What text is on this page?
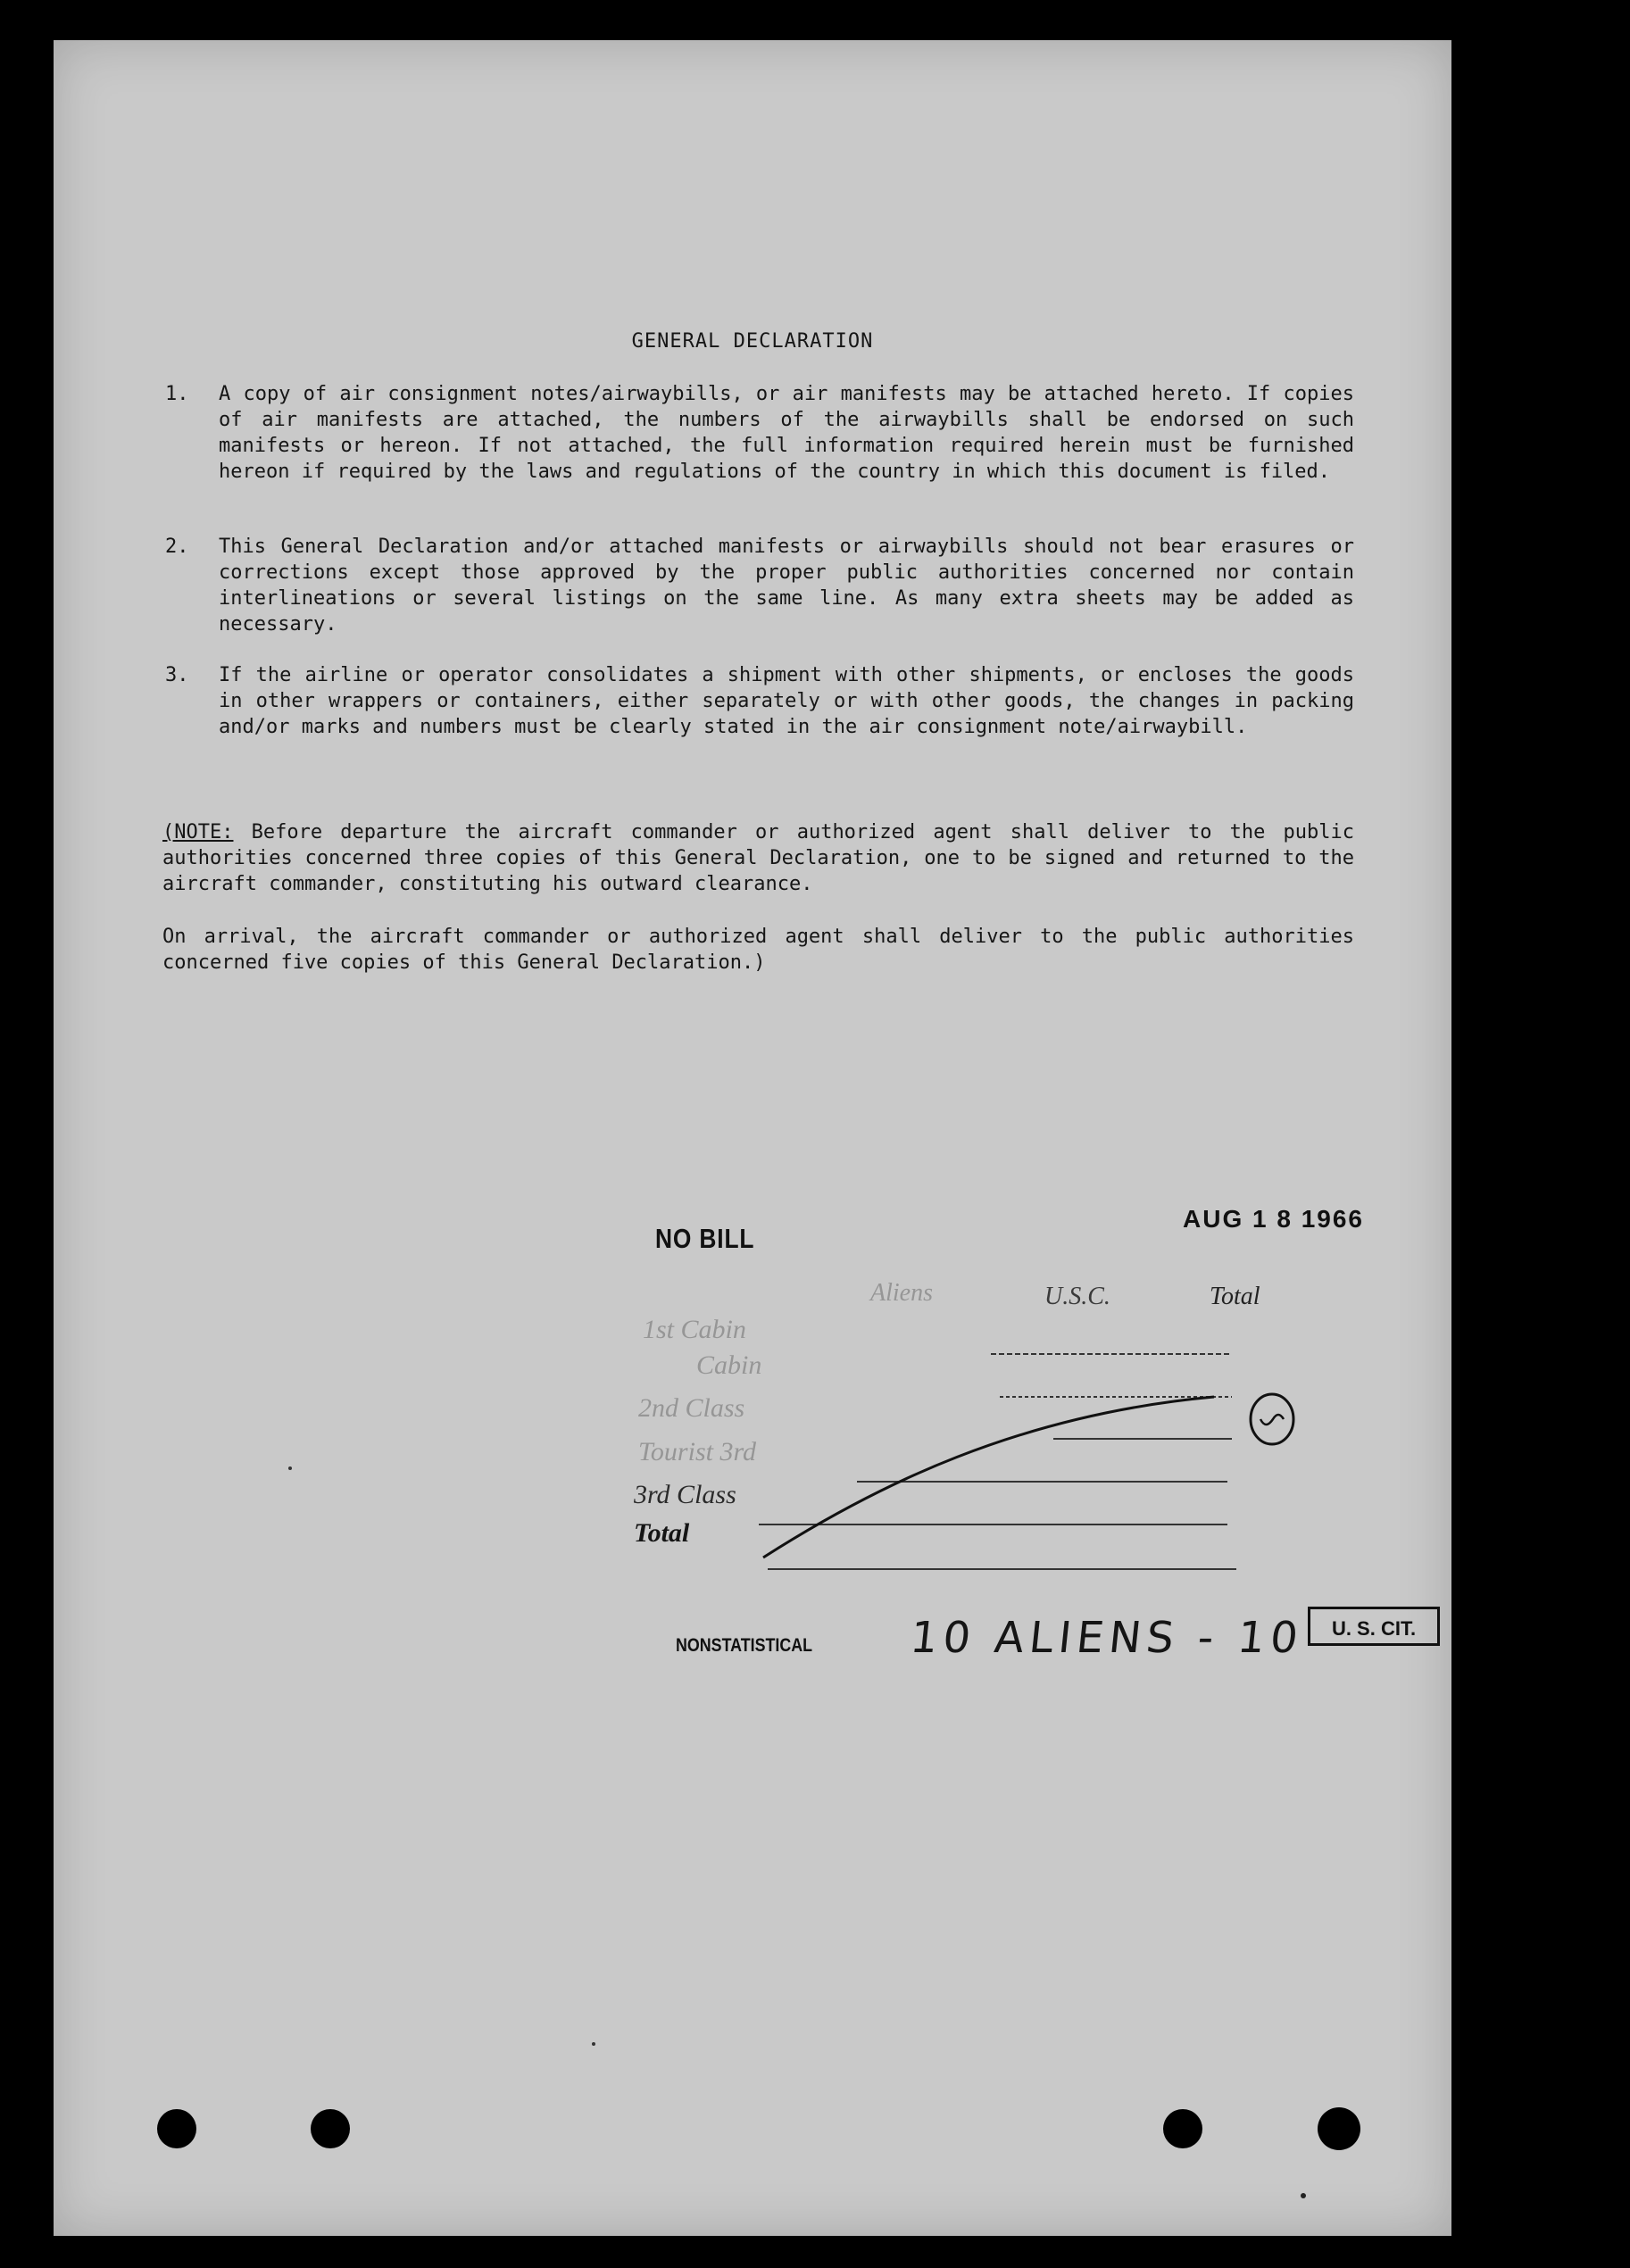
GENERAL DECLARATION
1. A copy of air consignment notes/airwaybills, or air manifests may be attached hereto. If copies of air manifests are attached, the numbers of the airwaybills shall be endorsed on such manifests or hereon. If not attached, the full information required herein must be furnished hereon if required by the laws and regulations of the country in which this document is filed.
2. This General Declaration and/or attached manifests or airwaybills should not bear erasures or corrections except those approved by the proper public authorities concerned nor contain interlineations or several listings on the same line. As many extra sheets may be added as necessary.
3. If the airline or operator consolidates a shipment with other shipments, or encloses the goods in other wrappers or containers, either separately or with other goods, the changes in packing and/or marks and numbers must be clearly stated in the air consignment note/airwaybill.
(NOTE: Before departure the aircraft commander or authorized agent shall deliver to the public authorities concerned three copies of this General Declaration, one to be signed and returned to the aircraft commander, constituting his outward clearance.
On arrival, the aircraft commander or authorized agent shall deliver to the public authorities concerned five copies of this General Declaration.)
NO BILL
AUG 1 8 1966
Aliens	U.S.C.	Total
1st Cabin
Cabin
2nd Class
Tourist 3rd
3rd Class
Total
NONSTATISTICAL 10 ALIENS - 10	U. S. CIT.
